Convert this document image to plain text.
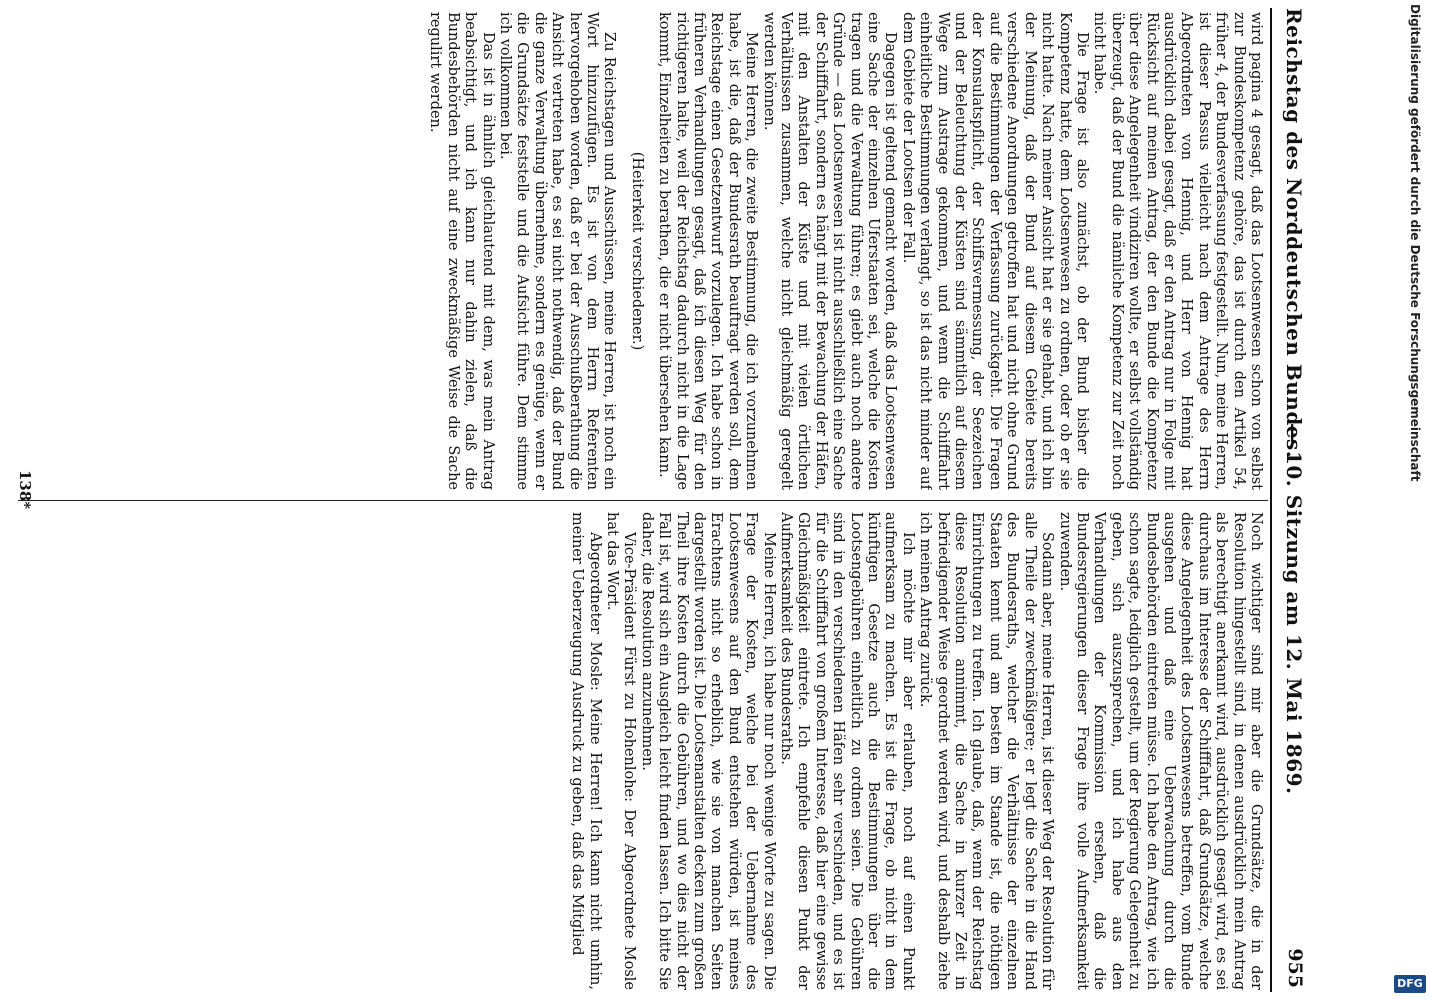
Reichstag des Norddeutschen Bundes.
— 10. Sitzung am 12. Mai 1869.
955

wird pagina 4 gesagt, daß das Lootsenwesen schon von selbst zur Bundeskompetenz gehöre, das ist durch den Artikel 54, früher 4, der Bundesverfassung festgestellt. Nun, meine Herren, ist dieser Passus vielleicht nach dem Antrage des Herrn Abgeordneten von Hennig, und Herr von Hennig hat ausdrücklich dabei gesagt, daß er den Antrag nur in Folge mit Rücksicht auf meinen Antrag, der den Bunde die Kompetenz über diese Angelegenheit vindiziren wollte, er selbst vollständig überzeugt, daß der Bund die nämliche Kompetenz zur Zeit noch nicht habe.

Die Frage ist also zunächst, ob der Bund bisher die Kompetenz hatte, dem Lootsenwesen zu ordnen, oder ob er sie nicht hatte. Nach meiner Ansicht hat er sie gehabt, und ich bin der Meinung, daß der Bund auf diesem Gebiete bereits verschiedene Anordnungen getroffen hat und nicht ohne Grund auf die Bestimmungen der Verfassung zurückgeht. Die Fragen der Konsulatspflicht, der Schiffsvermessung, der Seezeichen und der Beleuchtung der Küsten sind sämmtlich auf diesem Wege zum Austrage gekommen, und wenn die Schifffahrt einheitliche Bestimmungen verlangt, so ist das nicht minder auf dem Gebiete der Lootsen der Fall.

Dagegen ist geltend gemacht worden, daß das Lootsenwesen eine Sache der einzelnen Uferstaaten sei, welche die Kosten tragen und die Verwaltung führen; es giebt auch noch andere Gründe — das Lootsenwesen ist nicht ausschließlich eine Sache der Schifffahrt, sondern es hängt mit der Bewachung der Häfen, mit den Anstalten der Küste und mit vielen örtlichen Verhältnissen zusammen, welche nicht gleichmäßig geregelt werden können.

Meine Herren, die zweite Bestimmung, die ich vorzunehmen habe, ist die, daß der Bundesrath beauftragt werden soll, dem Reichstage einen Gesetzentwurf vorzulegen. Ich habe schon in früheren Verhandlungen gesagt, daß ich diesen Weg für den richtigeren halte, weil der Reichstag dadurch nicht in die Lage kommt, Einzelheiten zu berathen, die er nicht übersehen kann.

(Heiterkeit verschiedener.)

Zu Reichstagen und Ausschüssen, meine Herren, ist noch ein Wort hinzuzufügen. Es ist von dem Herrn Referenten hervorgehoben worden, daß er bei der Ausschußberathung die Ansicht vertreten habe, es sei nicht nothwendig, daß der Bund die ganze Verwaltung übernehme, sondern es genüge, wenn er die Grundsätze feststelle und die Aufsicht führe. Dem stimme ich vollkommen bei.

Das ist in ähnlich gleichlautend mit dem, was mein Antrag beabsichtigt, und ich kann nur dahin zielen, daß die Bundesbehörden nicht auf eine zweckmäßige Weise die Sache regulirt werden.

Noch wichtiger sind mir aber die Grundsätze, die in der Resolution hingestellt sind, in denen ausdrücklich mein Antrag als berechtigt anerkannt wird, ausdrücklich gesagt wird, es sei durchaus im Interesse der Schifffahrt, daß Grundsätze, welche diese Angelegenheit des Lootsenwesens betreffen, vom Bunde ausgehen und daß eine Ueberwachung durch die Bundesbehörden eintreten müsse. Ich habe den Antrag, wie ich schon sagte, lediglich gestellt, um der Regierung Gelegenheit zu geben, sich auszusprechen, und ich habe aus den Verhandlungen der Kommission ersehen, daß die Bundesregierungen dieser Frage ihre volle Aufmerksamkeit zuwenden.

Sodann aber, meine Herren, ist dieser Weg der Resolution für alle Theile der zweckmäßigere; er legt die Sache in die Hand des Bundesraths, welcher die Verhältnisse der einzelnen Staaten kennt und am besten im Stande ist, die nöthigen Einrichtungen zu treffen. Ich glaube, daß, wenn der Reichstag diese Resolution annimmt, die Sache in kurzer Zeit in befriedigender Weise geordnet werden wird, und deshalb ziehe ich meinen Antrag zurück.

Ich möchte mir aber erlauben, noch auf einen Punkt aufmerksam zu machen. Es ist die Frage, ob nicht in dem künftigen Gesetze auch die Bestimmungen über die Lootsengebühren einheitlich zu ordnen seien. Die Gebühren sind in den verschiedenen Häfen sehr verschieden, und es ist für die Schifffahrt von großem Interesse, daß hier eine gewisse Gleichmäßigkeit eintrete. Ich empfehle diesen Punkt der Aufmerksamkeit des Bundesraths.

Meine Herren, ich habe nur noch wenige Worte zu sagen. Die Frage der Kosten, welche bei der Uebernahme des Lootsenwesens auf den Bund entstehen würden, ist meines Erachtens nicht so erheblich, wie sie von manchen Seiten dargestellt worden ist. Die Lootsenanstalten decken zum großen Theil ihre Kosten durch die Gebühren, und wo dies nicht der Fall ist, wird sich ein Ausgleich leicht finden lassen. Ich bitte Sie daher, die Resolution anzunehmen.

Vice-Präsident Fürst zu Hohenlohe: Der Abgeordnete Mosle hat das Wort.

Abgeordneter Mosle: Meine Herren! Ich kann nicht umhin, meiner Ueberzeugung Ausdruck zu geben, daß das Mitglied

138*
Digitalisierung gefördert durch die Deutsche Forschungsgemeinschaft
DFG
